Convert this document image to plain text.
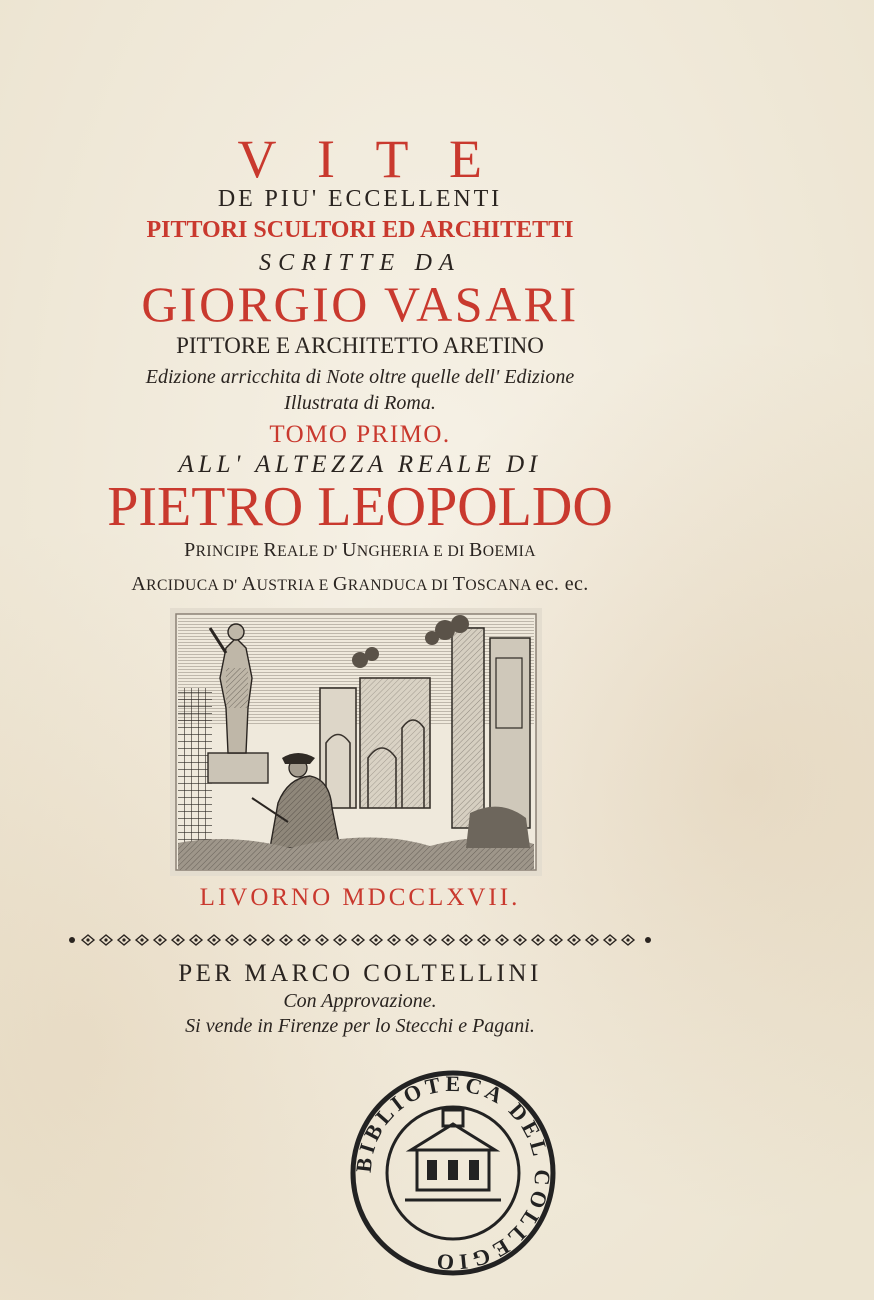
VITE
DE PIU' ECCELLENTI
PITTORI SCULTORI ED ARCHITETTI
SCRITTE DA
GIORGIO VASARI
PITTORE E ARCHITETTO ARETINO
Edizione arricchita di Note oltre quelle dell' Edizione
Illustrata di Roma.
TOMO PRIMO.
ALL' ALTEZZA REALE DI
PIETRO LEOPOLDO
PRINCIPE REALE D' UNGHERIA E DI BOEMIA
ARCIDUCA D' AUSTRIA E GRANDUCA DI TOSCANA ec. ec.
LIVORNO MDCCLXVII.
PER MARCO COLTELLINI
Con Approvazione.
Si vende in Firenze per lo Stecchi e Pagani.
BIBLIOTECA DEL COLLEGIO
